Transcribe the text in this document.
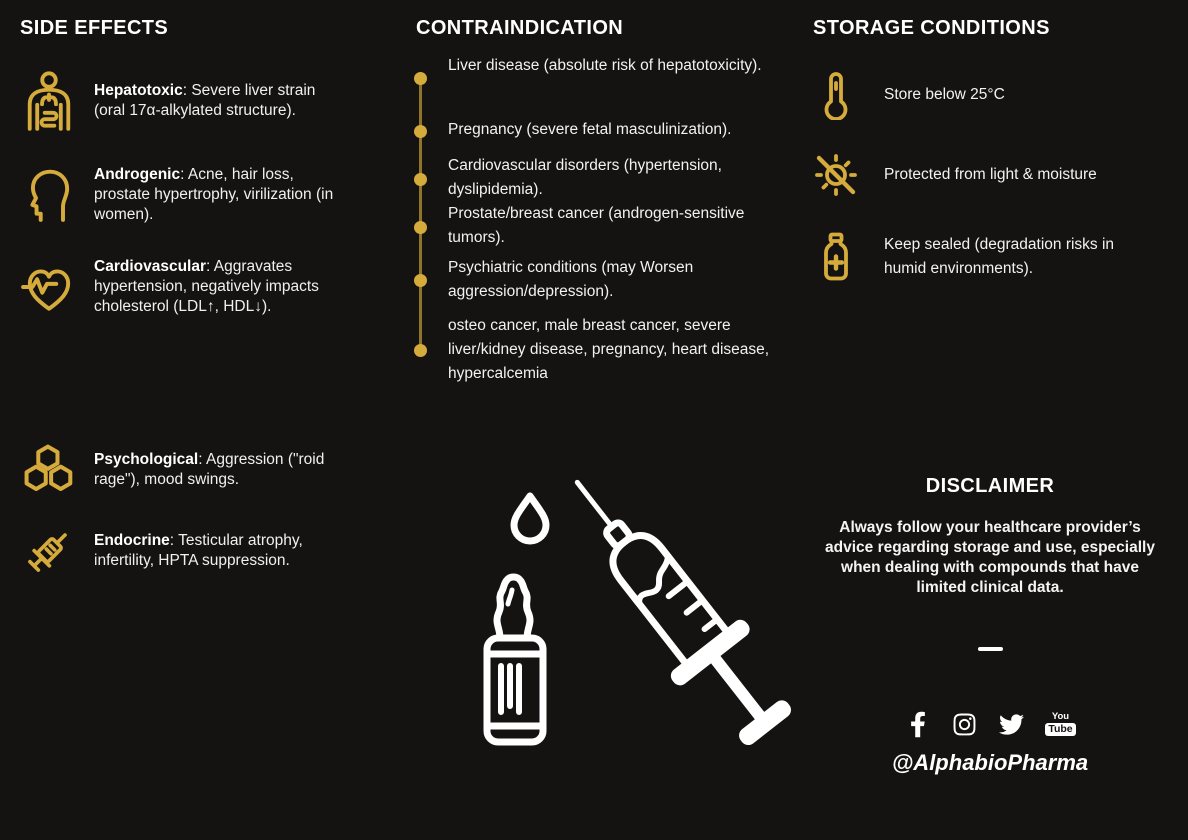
SIDE EFFECTS	CONTRAINDICATION	STORAGE CONDITIONS

Hepatotoxic: Severe liver strain (oral 17α-alkylated structure).

Androgenic: Acne, hair loss, prostate hypertrophy, virilization (in women).

Cardiovascular: Aggravates hypertension, negatively impacts cholesterol (LDL↑, HDL↓).

Psychological: Aggression ("roid rage"), mood swings.

Endocrine: Testicular atrophy, infertility, HPTA suppression.

Liver disease (absolute risk of hepatotoxicity).

Pregnancy (severe fetal masculinization).

Cardiovascular disorders (hypertension, dyslipidemia).

Prostate/breast cancer (androgen-sensitive tumors).

Psychiatric conditions (may Worsen aggression/depression).

osteo cancer, male breast cancer, severe liver/kidney disease, pregnancy, heart disease, hypercalcemia

Store below 25°C

Protected from light & moisture

Keep sealed (degradation risks in humid environments).

DISCLAIMER

Always follow your healthcare provider’s advice regarding storage and use, especially when dealing with compounds that have limited clinical data.

You
Tube

@AlphabioPharma
